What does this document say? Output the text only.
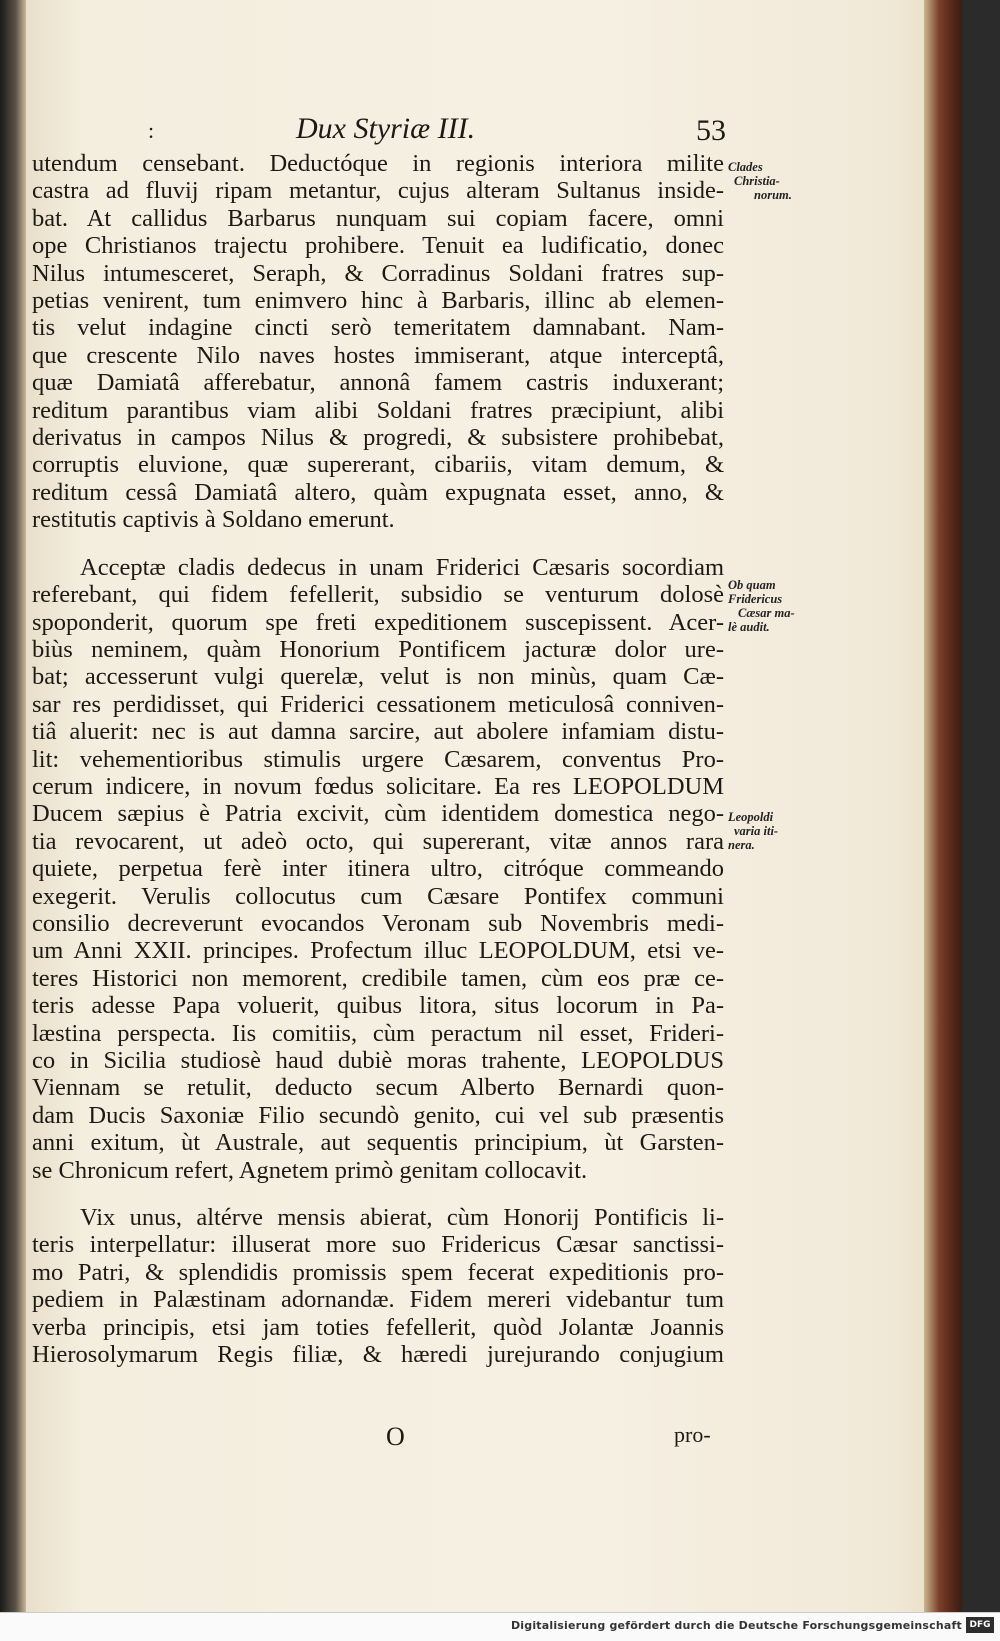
:	Dux Styriæ III.	53
utendum censebant. Deductóque in regionis interiora milite
castra ad fluvij ripam metantur, cujus alteram Sultanus inside-
bat. At callidus Barbarus nunquam sui copiam facere, omni
ope Christianos trajectu prohibere. Tenuit ea ludificatio, donec
Nilus intumesceret, Seraph, & Corradinus Soldani fratres sup-
petias venirent, tum enimvero hinc à Barbaris, illinc ab elemen-
tis velut indagine cincti serò temeritatem damnabant. Nam-
que crescente Nilo naves hostes immiserant, atque interceptâ,
quæ Damiatâ afferebatur, annonâ famem castris induxerant;
reditum parantibus viam alibi Soldani fratres præcipiunt, alibi
derivatus in campos Nilus & progredi, & subsistere prohibebat,
corruptis eluvione, quæ supererant, cibariis, vitam demum, &
reditum cessâ Damiatâ altero, quàm expugnata esset, anno, &
restitutis captivis à Soldano emerunt.
Acceptæ cladis dedecus in unam Friderici Cæsaris socordiam
referebant, qui fidem fefellerit, subsidio se venturum dolosè
spoponderit, quorum spe freti expeditionem suscepissent. Acer-
biùs neminem, quàm Honorium Pontificem jacturæ dolor ure-
bat; accesserunt vulgi querelæ, velut is non minùs, quam Cæ-
sar res perdidisset, qui Friderici cessationem meticulosâ conniven-
tiâ aluerit: nec is aut damna sarcire, aut abolere infamiam distu-
lit: vehementioribus stimulis urgere Cæsarem, conventus Pro-
cerum indicere, in novum fœdus solicitare. Ea res LEOPOLDUM
Ducem sæpius è Patria excivit, cùm identidem domestica nego-
tia revocarent, ut adeò octo, qui supererant, vitæ annos rara
quiete, perpetua ferè inter itinera ultro, citróque commeando
exegerit. Verulis collocutus cum Cæsare Pontifex communi
consilio decreverunt evocandos Veronam sub Novembris medi-
um Anni XXII. principes. Profectum illuc LEOPOLDUM, etsi ve-
teres Historici non memorent, credibile tamen, cùm eos præ ce-
teris adesse Papa voluerit, quibus litora, situs locorum in Pa-
læstina perspecta. Iis comitiis, cùm peractum nil esset, Frideri-
co in Sicilia studiosè haud dubiè moras trahente, LEOPOLDUS
Viennam se retulit, deducto secum Alberto Bernardi quon-
dam Ducis Saxoniæ Filio secundò genito, cui vel sub præsentis
anni exitum, ùt Australe, aut sequentis principium, ùt Garsten-
se Chronicum refert, Agnetem primò genitam collocavit.
Vix unus, altérve mensis abierat, cùm Honorij Pontificis li-
teris interpellatur: illuserat more suo Fridericus Cæsar sanctissi-
mo Patri, & splendidis promissis spem fecerat expeditionis pro-
pediem in Palæstinam adornandæ. Fidem mereri videbantur tum
verba principis, etsi jam toties fefellerit, quòd Jolantæ Joannis
Hierosolymarum Regis filiæ, & hæredi jurejurando conjugium
Clades
Christia-
norum.
Ob quam
Fridericus
Cæsar ma-
lè audit.
Leopoldi
varia iti-
nera.
O	pro-
Digitalisierung gefördert durch die Deutsche Forschungsgemeinschaft DFG
